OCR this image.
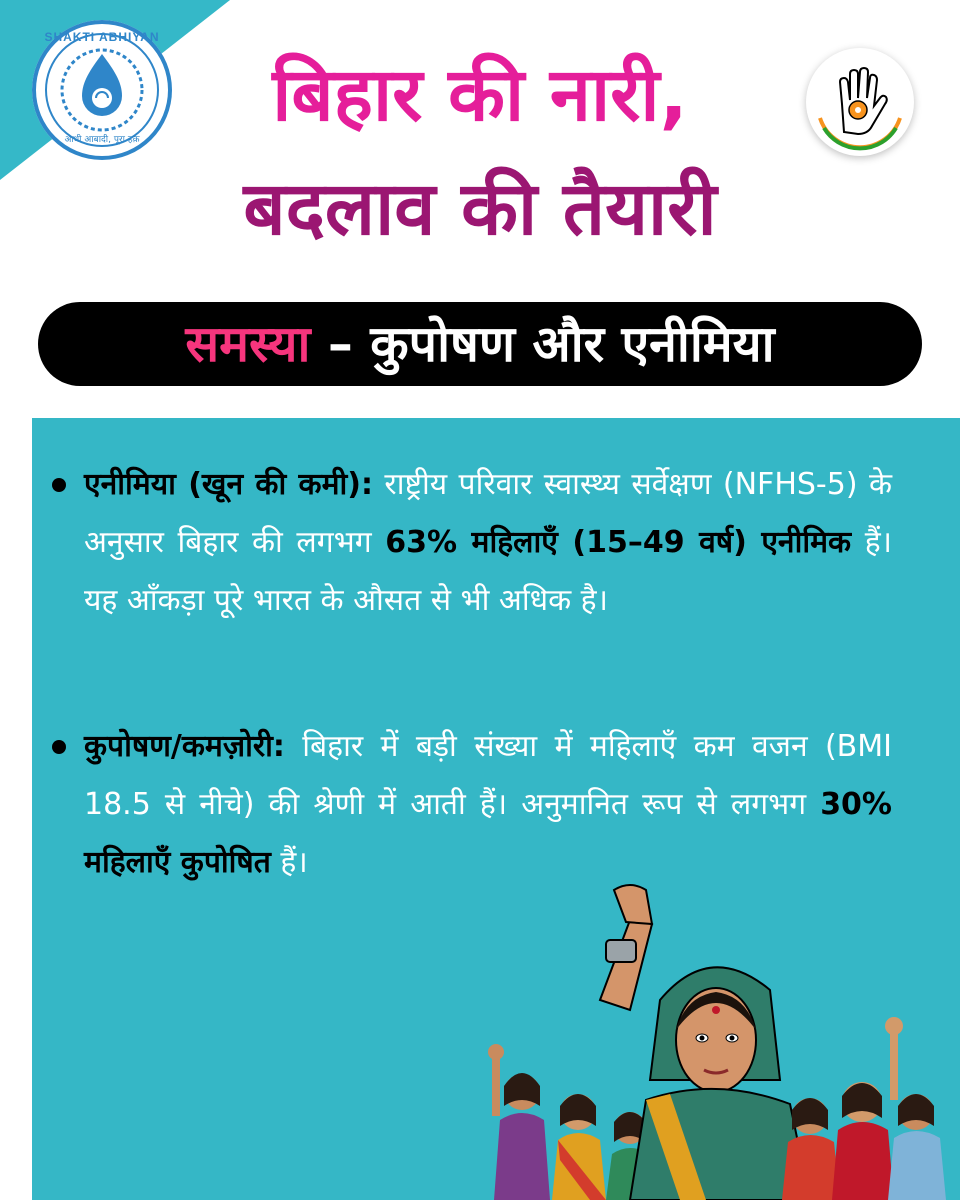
SHAKTI ABHIYAN
आधी आबादी, पूरा हक़
बिहार की नारी,
बदलाव की तैयारी
समस्या – कुपोषण और एनीमिया
एनीमिया (खून की कमी): राष्ट्रीय परिवार स्वास्थ्य सर्वेक्षण (NFHS-5) के अनुसार बिहार की लगभग 63% महिलाएँ (15–49 वर्ष) एनीमिक हैं। यह आँकड़ा पूरे भारत के औसत से भी अधिक है।
कुपोषण/कमज़ोरी: बिहार में बड़ी संख्या में महिलाएँ कम वजन (BMI 18.5 से नीचे) की श्रेणी में आती हैं। अनुमानित रूप से लगभग 30% महिलाएँ कुपोषित हैं।
